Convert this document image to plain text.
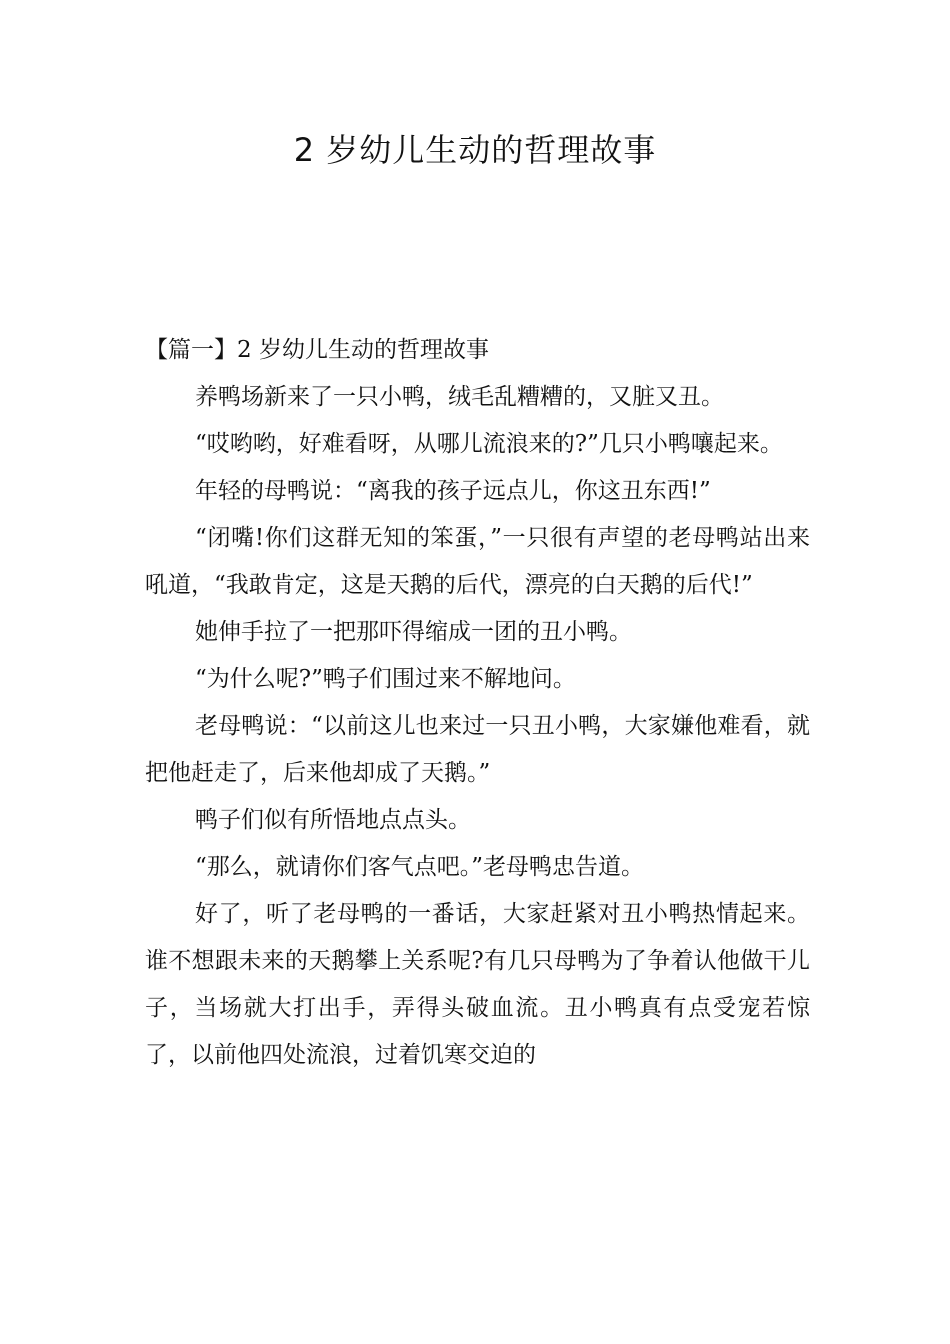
2 岁幼儿生动的哲理故事

【篇一】2 岁幼儿生动的哲理故事

养鸭场新来了一只小鸭，绒毛乱糟糟的，又脏又丑。

“哎哟哟，好难看呀，从哪儿流浪来的?”几只小鸭嚷起来。

年轻的母鸭说：“离我的孩子远点儿，你这丑东西!”

“闭嘴!你们这群无知的笨蛋，”一只很有声望的老母鸭站出来吼道，“我敢肯定，这是天鹅的后代，漂亮的白天鹅的后代!”

她伸手拉了一把那吓得缩成一团的丑小鸭。

“为什么呢?”鸭子们围过来不解地问。

老母鸭说：“以前这儿也来过一只丑小鸭，大家嫌他难看，就把他赶走了，后来他却成了天鹅。”

鸭子们似有所悟地点点头。

“那么，就请你们客气点吧。”老母鸭忠告道。

好了，听了老母鸭的一番话，大家赶紧对丑小鸭热情起来。谁不想跟未来的天鹅攀上关系呢?有几只母鸭为了争着认他做干儿子，当场就大打出手，弄得头破血流。丑小鸭真有点受宠若惊了，以前他四处流浪，过着饥寒交迫的
